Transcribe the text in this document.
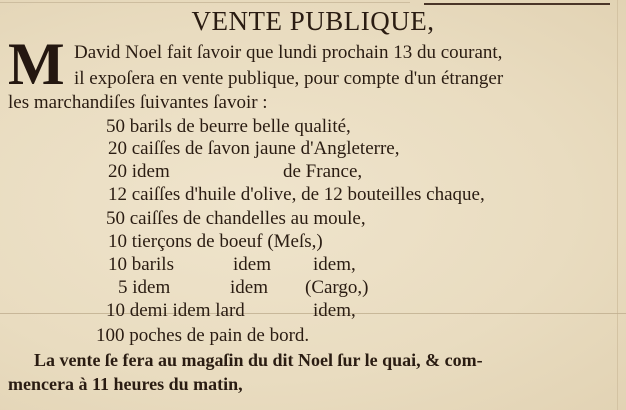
VENTE PUBLIQUE,
M David Noel fait ſavoir que lundi prochain 13 du courant,
il expoſera en vente publique, pour compte d'un étranger
les marchandiſes ſuivantes ſavoir :
50 barils de beurre belle qualité,
20 caiſſes de ſavon jaune d'Angleterre,
20 idem	de France,
12 caiſſes d'huile d'olive, de 12 bouteilles chaque,
50 caiſſes de chandelles au moule,
10 tierçons de boeuf (Meſs,)
10 barils	idem idem,
5 idem	idem (Cargo,)
10 demi idem lard	idem,
100 poches de pain de bord.
La vente ſe fera au magaſin du dit Noel ſur le quai, & com-
mencera à 11 heures du matin,
